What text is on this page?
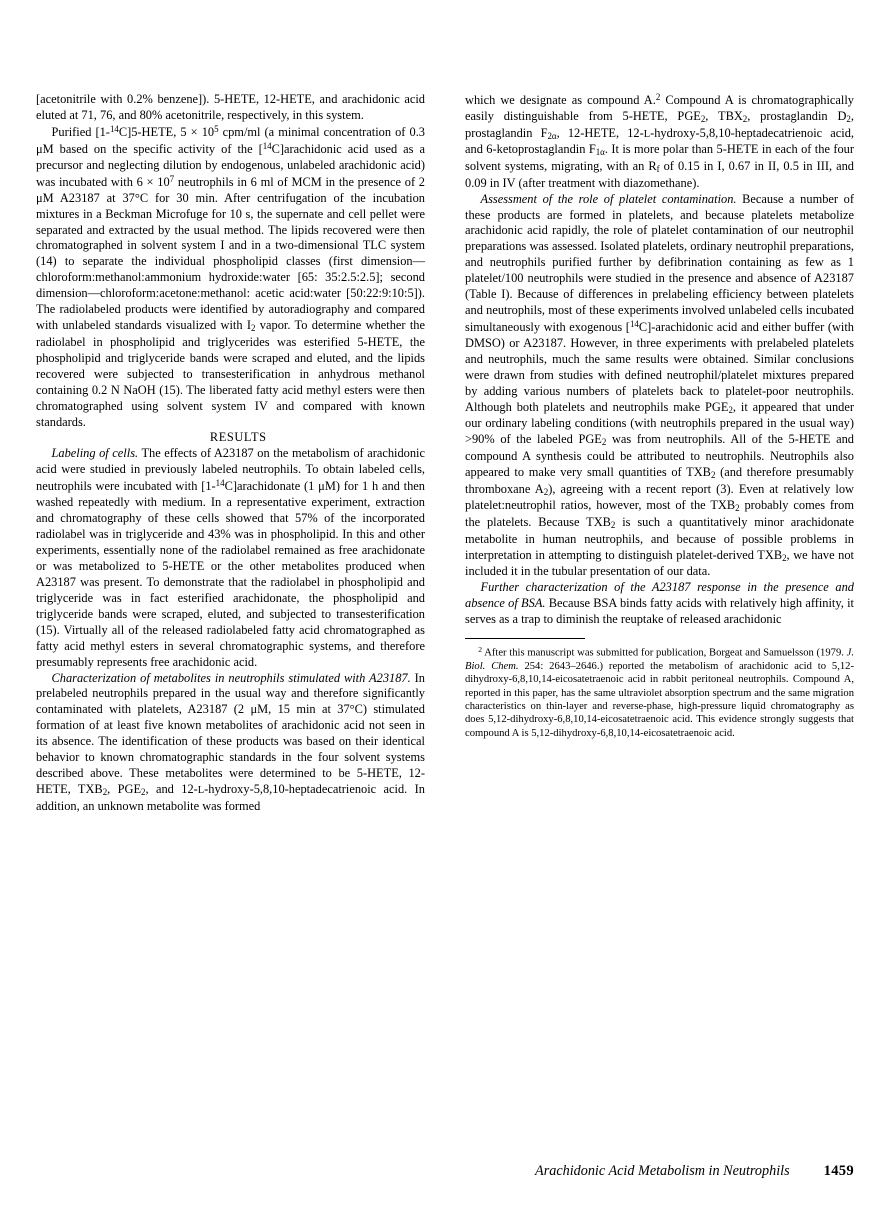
[acetonitrile with 0.2% benzene]). 5-HETE, 12-HETE, and arachidonic acid eluted at 71, 76, and 80% acetonitrile, respectively, in this system.

Purified [1-$^{14}$C]5-HETE, $5 \times 10^5$ cpm/ml (a minimal concentration of 0.3 μM based on the specific activity of the [$^{14}$C]arachidonic acid used as a precursor and neglecting dilution by endogenous, unlabeled arachidonic acid) was incubated with $6 \times 10^7$ neutrophils in 6 ml of MCM in the presence of 2 μM A23187 at 37°C for 30 min. After centrifugation of the incubation mixtures in a Beckman Microfuge for 10 s, the supernate and cell pellet were separated and extracted by the usual method. The lipids recovered were then chromatographed in solvent system I and in a two-dimensional TLC system (14) to separate the individual phospholipid classes (first dimension—chloroform:methanol:ammonium hydroxide:water [65: 35:2.5:2.5]; second dimension—chloroform:acetone:methanol: acetic acid:water [50:22:9:10:5]). The radiolabeled products were identified by autoradiography and compared with unlabeled standards visualized with $I_2$ vapor. To determine whether the radiolabel in phospholipid and triglycerides was esterified 5-HETE, the phospholipid and triglyceride bands were scraped and eluted, and the lipids recovered were subjected to transesterification in anhydrous methanol containing 0.2 N NaOH (15). The liberated fatty acid methyl esters were then chromatographed using solvent system IV and compared with known standards.

RESULTS

Labeling of cells. The effects of A23187 on the metabolism of arachidonic acid were studied in previously labeled neutrophils. To obtain labeled cells, neutrophils were incubated with [1-$^{14}$C]arachidonate (1 μM) for 1 h and then washed repeatedly with medium. In a representative experiment, extraction and chromatography of these cells showed that 57% of the incorporated radiolabel was in triglyceride and 43% was in phospholipid. In this and other experiments, essentially none of the radiolabel remained as free arachidonate or was metabolized to 5-HETE or the other metabolites produced when A23187 was present. To demonstrate that the radiolabel in phospholipid and triglyceride was in fact esterified arachidonate, the phospholipid and triglyceride bands were scraped, eluted, and subjected to transesterification (15). Virtually all of the released radiolabeled fatty acid chromatographed as fatty acid methyl esters in several chromatographic systems, and therefore presumably represents free arachidonic acid.

Characterization of metabolites in neutrophils stimulated with A23187. In prelabeled neutrophils prepared in the usual way and therefore significantly contaminated with platelets, A23187 (2 μM, 15 min at 37°C) stimulated formation of at least five known metabolites of arachidonic acid not seen in its absence. The identification of these products was based on their identical behavior to known chromatographic standards in the four solvent systems described above. These metabolites were determined to be 5-HETE, 12-HETE, $TXB_2$, $PGE_2$, and 12-L-hydroxy-5,8,10-heptadecatrienoic acid. In addition, an unknown metabolite was formed

which we designate as compound A.$^2$ Compound A is chromatographically easily distinguishable from 5-HETE, $PGE_2$, $TBX_2$, prostaglandin $D_2$, prostaglandin $F_{2\alpha}$, 12-HETE, 12-L-hydroxy-5,8,10-heptadecatrienoic acid, and 6-ketoprostaglandin $F_{1\alpha}$. It is more polar than 5-HETE in each of the four solvent systems, migrating, with an $R_f$ of 0.15 in I, 0.67 in II, 0.5 in III, and 0.09 in IV (after treatment with diazomethane).

Assessment of the role of platelet contamination. Because a number of these products are formed in platelets, and because platelets metabolize arachidonic acid rapidly, the role of platelet contamination of our neutrophil preparations was assessed. Isolated platelets, ordinary neutrophil preparations, and neutrophils purified further by defibrination containing as few as 1 platelet/100 neutrophils were studied in the presence and absence of A23187 (Table I). Because of differences in prelabeling efficiency between platelets and neutrophils, most of these experiments involved unlabeled cells incubated simultaneously with exogenous [$^{14}$C]-arachidonic acid and either buffer (with DMSO) or A23187. However, in three experiments with prelabeled platelets and neutrophils, much the same results were obtained. Similar conclusions were drawn from studies with defined neutrophil/platelet mixtures prepared by adding various numbers of platelets back to platelet-poor neutrophils. Although both platelets and neutrophils make $PGE_2$, it appeared that under our ordinary labeling conditions (with neutrophils prepared in the usual way) >90% of the labeled $PGE_2$ was from neutrophils. All of the 5-HETE and compound A synthesis could be attributed to neutrophils. Neutrophils also appeared to make very small quantities of $TXB_2$ (and therefore presumably thromboxane $A_2$), agreeing with a recent report (3). Even at relatively low platelet:neutrophil ratios, however, most of the $TXB_2$ probably comes from the platelets. Because $TXB_2$ is such a quantitatively minor arachidonate metabolite in human neutrophils, and because of possible problems in interpretation in attempting to distinguish platelet-derived $TXB_2$, we have not included it in the tubular presentation of our data.

Further characterization of the A23187 response in the presence and absence of BSA. Because BSA binds fatty acids with relatively high affinity, it serves as a trap to diminish the reuptake of released arachidonic

$^2$ After this manuscript was submitted for publication, Borgeat and Samuelsson (1979. J. Biol. Chem. 254: 2643–2646.) reported the metabolism of arachidonic acid to 5,12-dihydroxy-6,8,10,14-eicosatetraenoic acid in rabbit peritoneal neutrophils. Compound A, reported in this paper, has the same ultraviolet absorption spectrum and the same migration characteristics on thin-layer and reverse-phase, high-pressure liquid chromatography as does 5,12-dihydroxy-6,8,10,14-eicosatetraenoic acid. This evidence strongly suggests that compound A is 5,12-dihydroxy-6,8,10,14-eicosatetraenoic acid.

Arachidonic Acid Metabolism in Neutrophils 1459
